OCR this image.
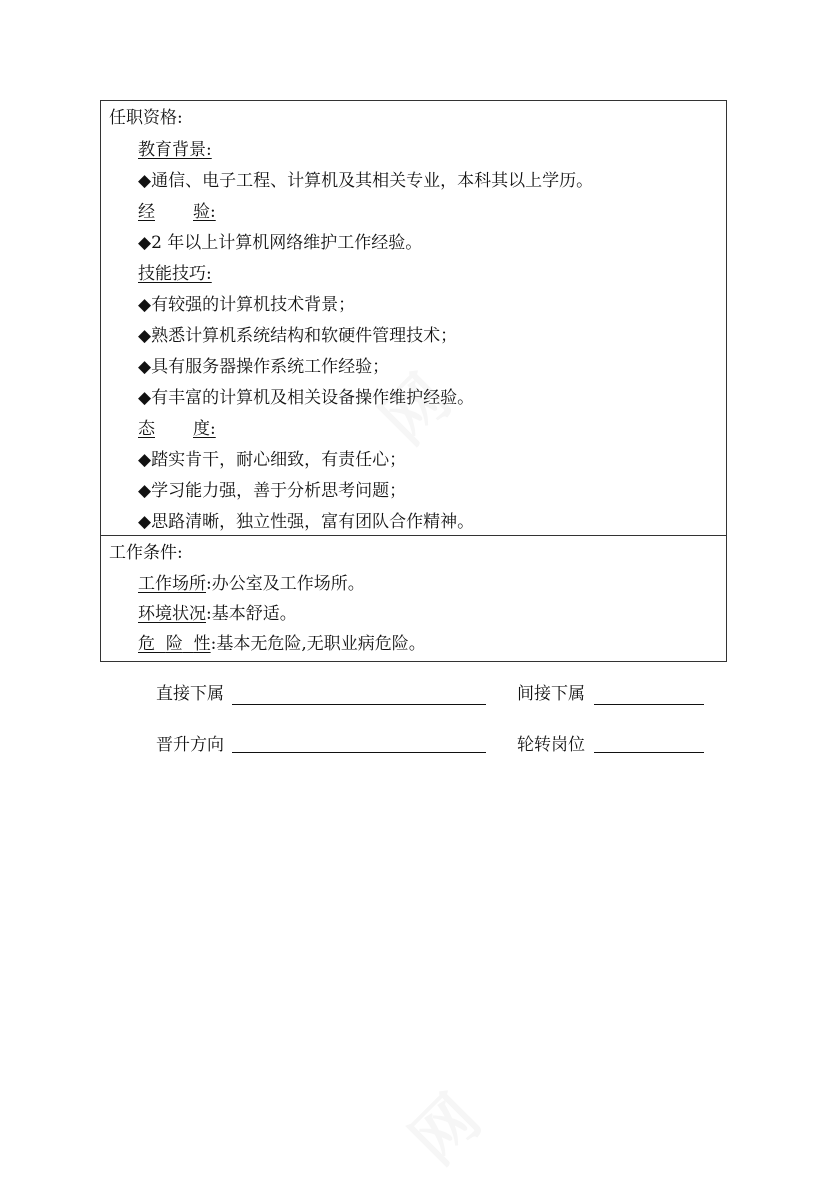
任职资格:
教育背景:
◆通信、电子工程、计算机及其相关专业，本科其以上学历。
经 验:
◆2 年以上计算机网络维护工作经验。
技能技巧:
◆有较强的计算机技术背景；
◆熟悉计算机系统结构和软硬件管理技术；
◆具有服务器操作系统工作经验；
◆有丰富的计算机及相关设备操作维护经验。
态 度:
◆踏实肯干，耐心细致，有责任心；
◆学习能力强，善于分析思考问题；
◆思路清晰，独立性强，富有团队合作精神。
工作条件:
工作场所:办公室及工作场所。
环境状况:基本舒适。
危 险 性:基本无危险,无职业病危险。
直接下属	间接下属
晋升方向	轮转岗位
